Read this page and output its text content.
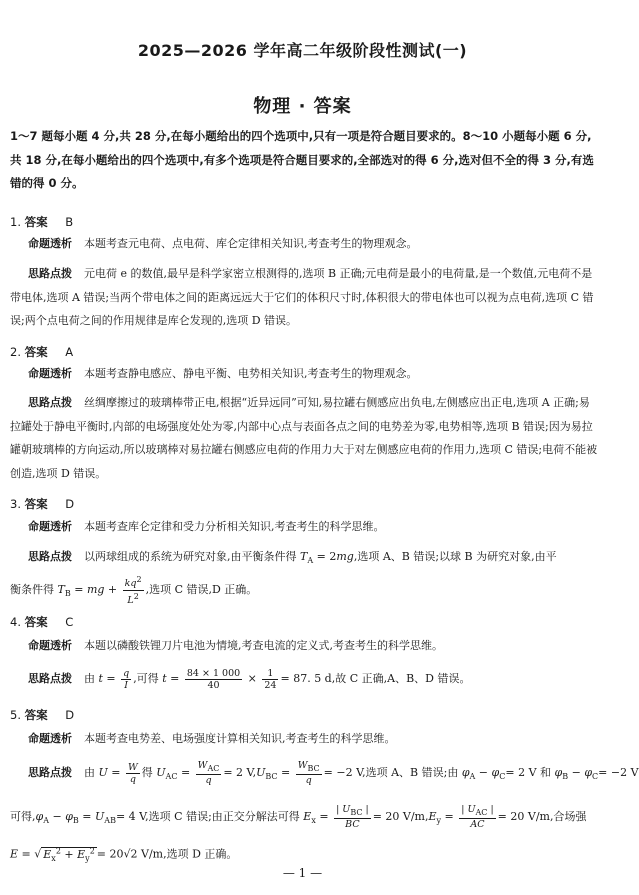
2025—2026 学年高二年级阶段性测试(一)
物理 · 答案
1～7 题每小题 4 分,共 28 分,在每小题给出的四个选项中,只有一项是符合题目要求的。8～10 小题每小题 6 分,共 18 分,在每小题给出的四个选项中,有多个选项是符合题目要求的,全部选对的得 6 分,选对但不全的得 3 分,有选错的得 0 分。
1. 答案 B
命题透析 本题考查元电荷、点电荷、库仑定律相关知识,考查考生的物理观念。
思路点拨 元电荷 e 的数值,最早是科学家密立根测得的,选项 B 正确;元电荷是最小的电荷量,是一个数值,元电荷不是带电体,选项 A 错误;当两个带电体之间的距离远远大于它们的体积尺寸时,体积很大的带电体也可以视为点电荷,选项 C 错误;两个点电荷之间的作用规律是库仑发现的,选项 D 错误。
2. 答案 A
命题透析 本题考查静电感应、静电平衡、电势相关知识,考查考生的物理观念。
思路点拨 丝绸摩擦过的玻璃棒带正电,根据“近异远同”可知,易拉罐右侧感应出负电,左侧感应出正电,选项 A 正确;易拉罐处于静电平衡时,内部的电场强度处处为零,内部中心点与表面各点之间的电势差为零,电势相等,选项 B 错误;因为易拉罐朝玻璃棒的方向运动,所以玻璃棒对易拉罐右侧感应电荷的作用力大于对左侧感应电荷的作用力,选项 C 错误;电荷不能被创造,选项 D 错误。
3. 答案 D
命题透析 本题考查库仑定律和受力分析相关知识,考查考生的科学思维。
思路点拨 以两球组成的系统为研究对象,由平衡条件得 $T_A = 2mg$,选项 A、B 错误;以球 B 为研究对象,由平
衡条件得 $T_B$ = mg + $\frac{kq^2}{L^2}$ ,选项 C 错误,D 正确。
4. 答案 C
命题透析 本题以磷酸铁锂刀片电池为情境,考查电流的定义式,考查考生的科学思维。
思路点拨 由 $t = \frac{q}{I}$ ,可得 $t = \frac{84 \times 1 000}{40} \times \frac{1}{24} = 87$. 5 d,故 C 正确,A、B、D 错误。
5. 答案 D
命题透析 本题考查电势差、电场强度计算相关知识,考查考生的科学思维。
思路点拨 由 $U = \frac{W}{q}$ 得 $U_{AC} = \frac{W_{AC}}{q} = 2$ $V,U_{BC} = \frac{W_{BC}}{q} = -2$ V,选项 A、B 错误;由 $\varphi_A - \varphi_C= 2$ V 和 $\varphi_B - \varphi_C= -2$ V
可得$,\varphi_A - \varphi_B = U_{AB}= 4$ V,选项 C 错误;由正交分解法可得 $E_x = \frac{| U_{BC} |}{BC} = 20$ $V/m,E_y = \frac{| U_{AC} |}{AC} = 20$ V/m,合场强
E = √ $E_x^2 + E_y^2 = 20√2$ V/m,选项 D 正确。
— 1 —
